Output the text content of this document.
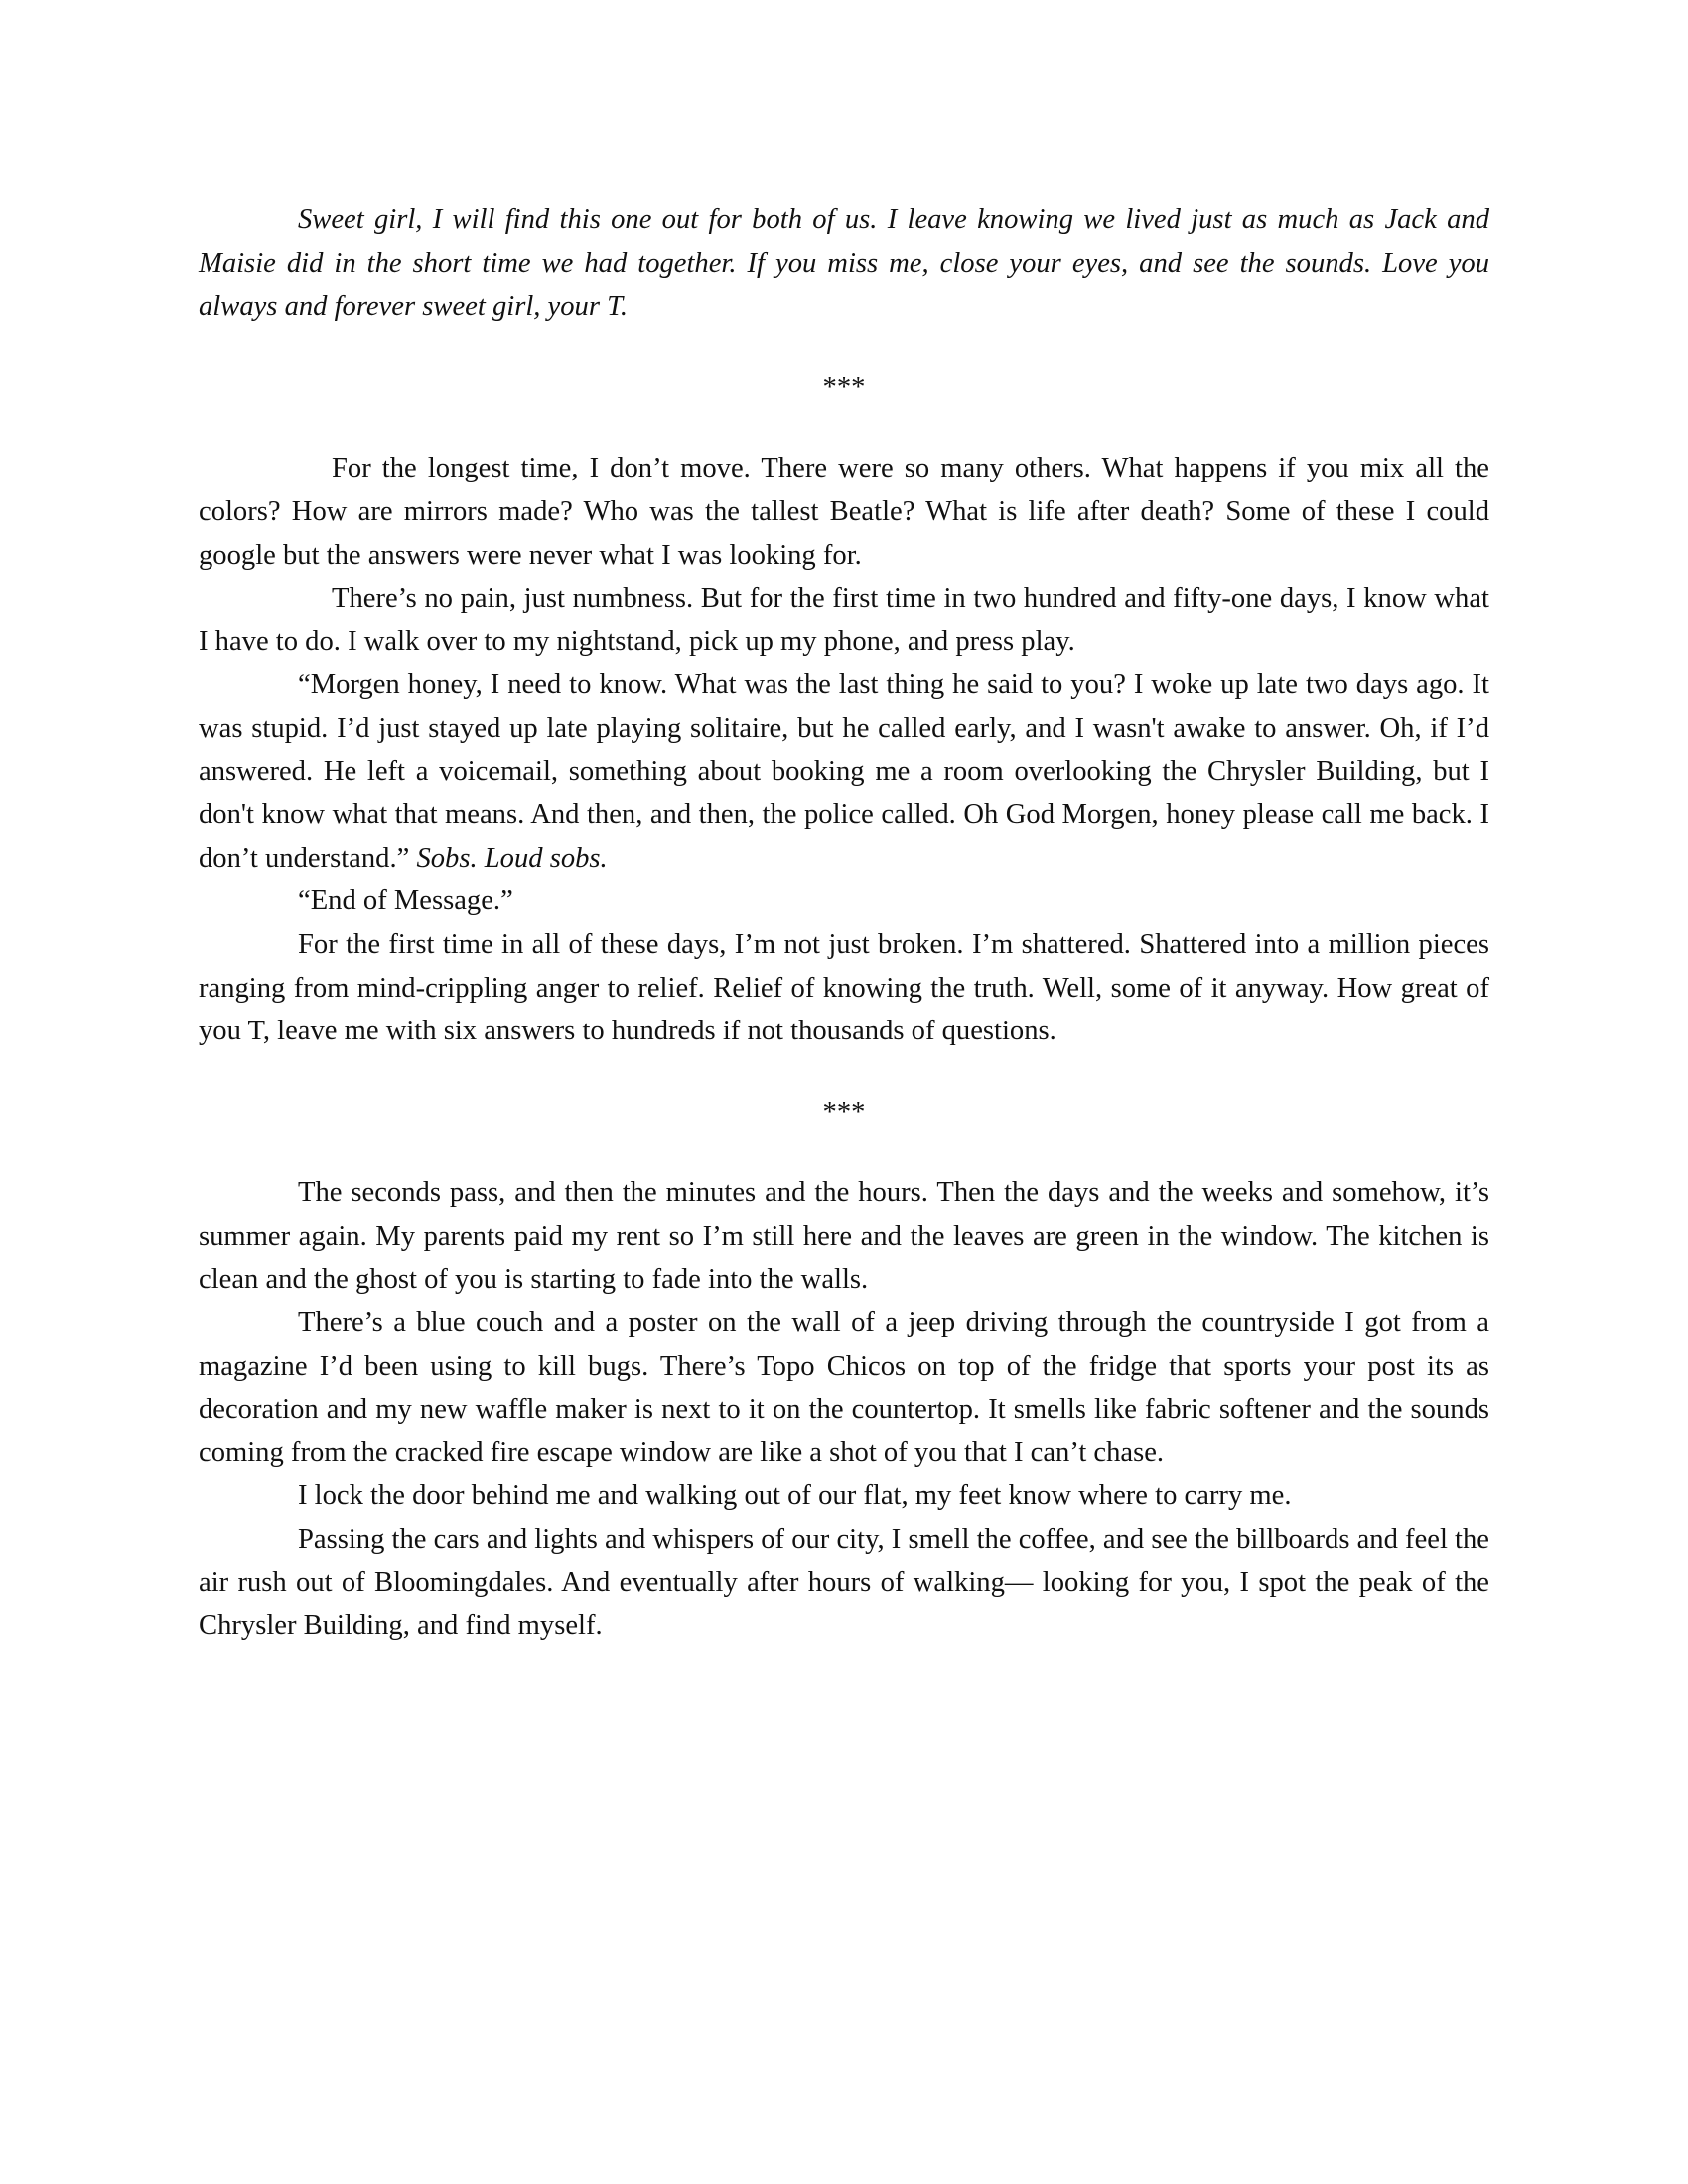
Sweet girl, I will find this one out for both of us. I leave knowing we lived just as much as Jack and Maisie did in the short time we had together. If you miss me, close your eyes, and see the sounds. Love you always and forever sweet girl, your T.

***

For the longest time, I don’t move. There were so many others. What happens if you mix all the colors? How are mirrors made? Who was the tallest Beatle? What is life after death? Some of these I could google but the answers were never what I was looking for.

There’s no pain, just numbness. But for the first time in two hundred and fifty-one days, I know what I have to do. I walk over to my nightstand, pick up my phone, and press play.

“Morgen honey, I need to know. What was the last thing he said to you? I woke up late two days ago. It was stupid. I’d just stayed up late playing solitaire, but he called early, and I wasn't awake to answer. Oh, if I’d answered. He left a voicemail, something about booking me a room overlooking the Chrysler Building, but I don't know what that means. And then, and then, the police called. Oh God Morgen, honey please call me back. I don’t understand.” Sobs. Loud sobs.

“End of Message.”

For the first time in all of these days, I’m not just broken. I’m shattered. Shattered into a million pieces ranging from mind-crippling anger to relief. Relief of knowing the truth. Well, some of it anyway. How great of you T, leave me with six answers to hundreds if not thousands of questions.

***

The seconds pass, and then the minutes and the hours. Then the days and the weeks and somehow, it’s summer again. My parents paid my rent so I’m still here and the leaves are green in the window. The kitchen is clean and the ghost of you is starting to fade into the walls.

There’s a blue couch and a poster on the wall of a jeep driving through the countryside I got from a magazine I’d been using to kill bugs. There’s Topo Chicos on top of the fridge that sports your post its as decoration and my new waffle maker is next to it on the countertop. It smells like fabric softener and the sounds coming from the cracked fire escape window are like a shot of you that I can’t chase.

I lock the door behind me and walking out of our flat, my feet know where to carry me.

Passing the cars and lights and whispers of our city, I smell the coffee, and see the billboards and feel the air rush out of Bloomingdales. And eventually after hours of walking— looking for you, I spot the peak of the Chrysler Building, and find myself.
